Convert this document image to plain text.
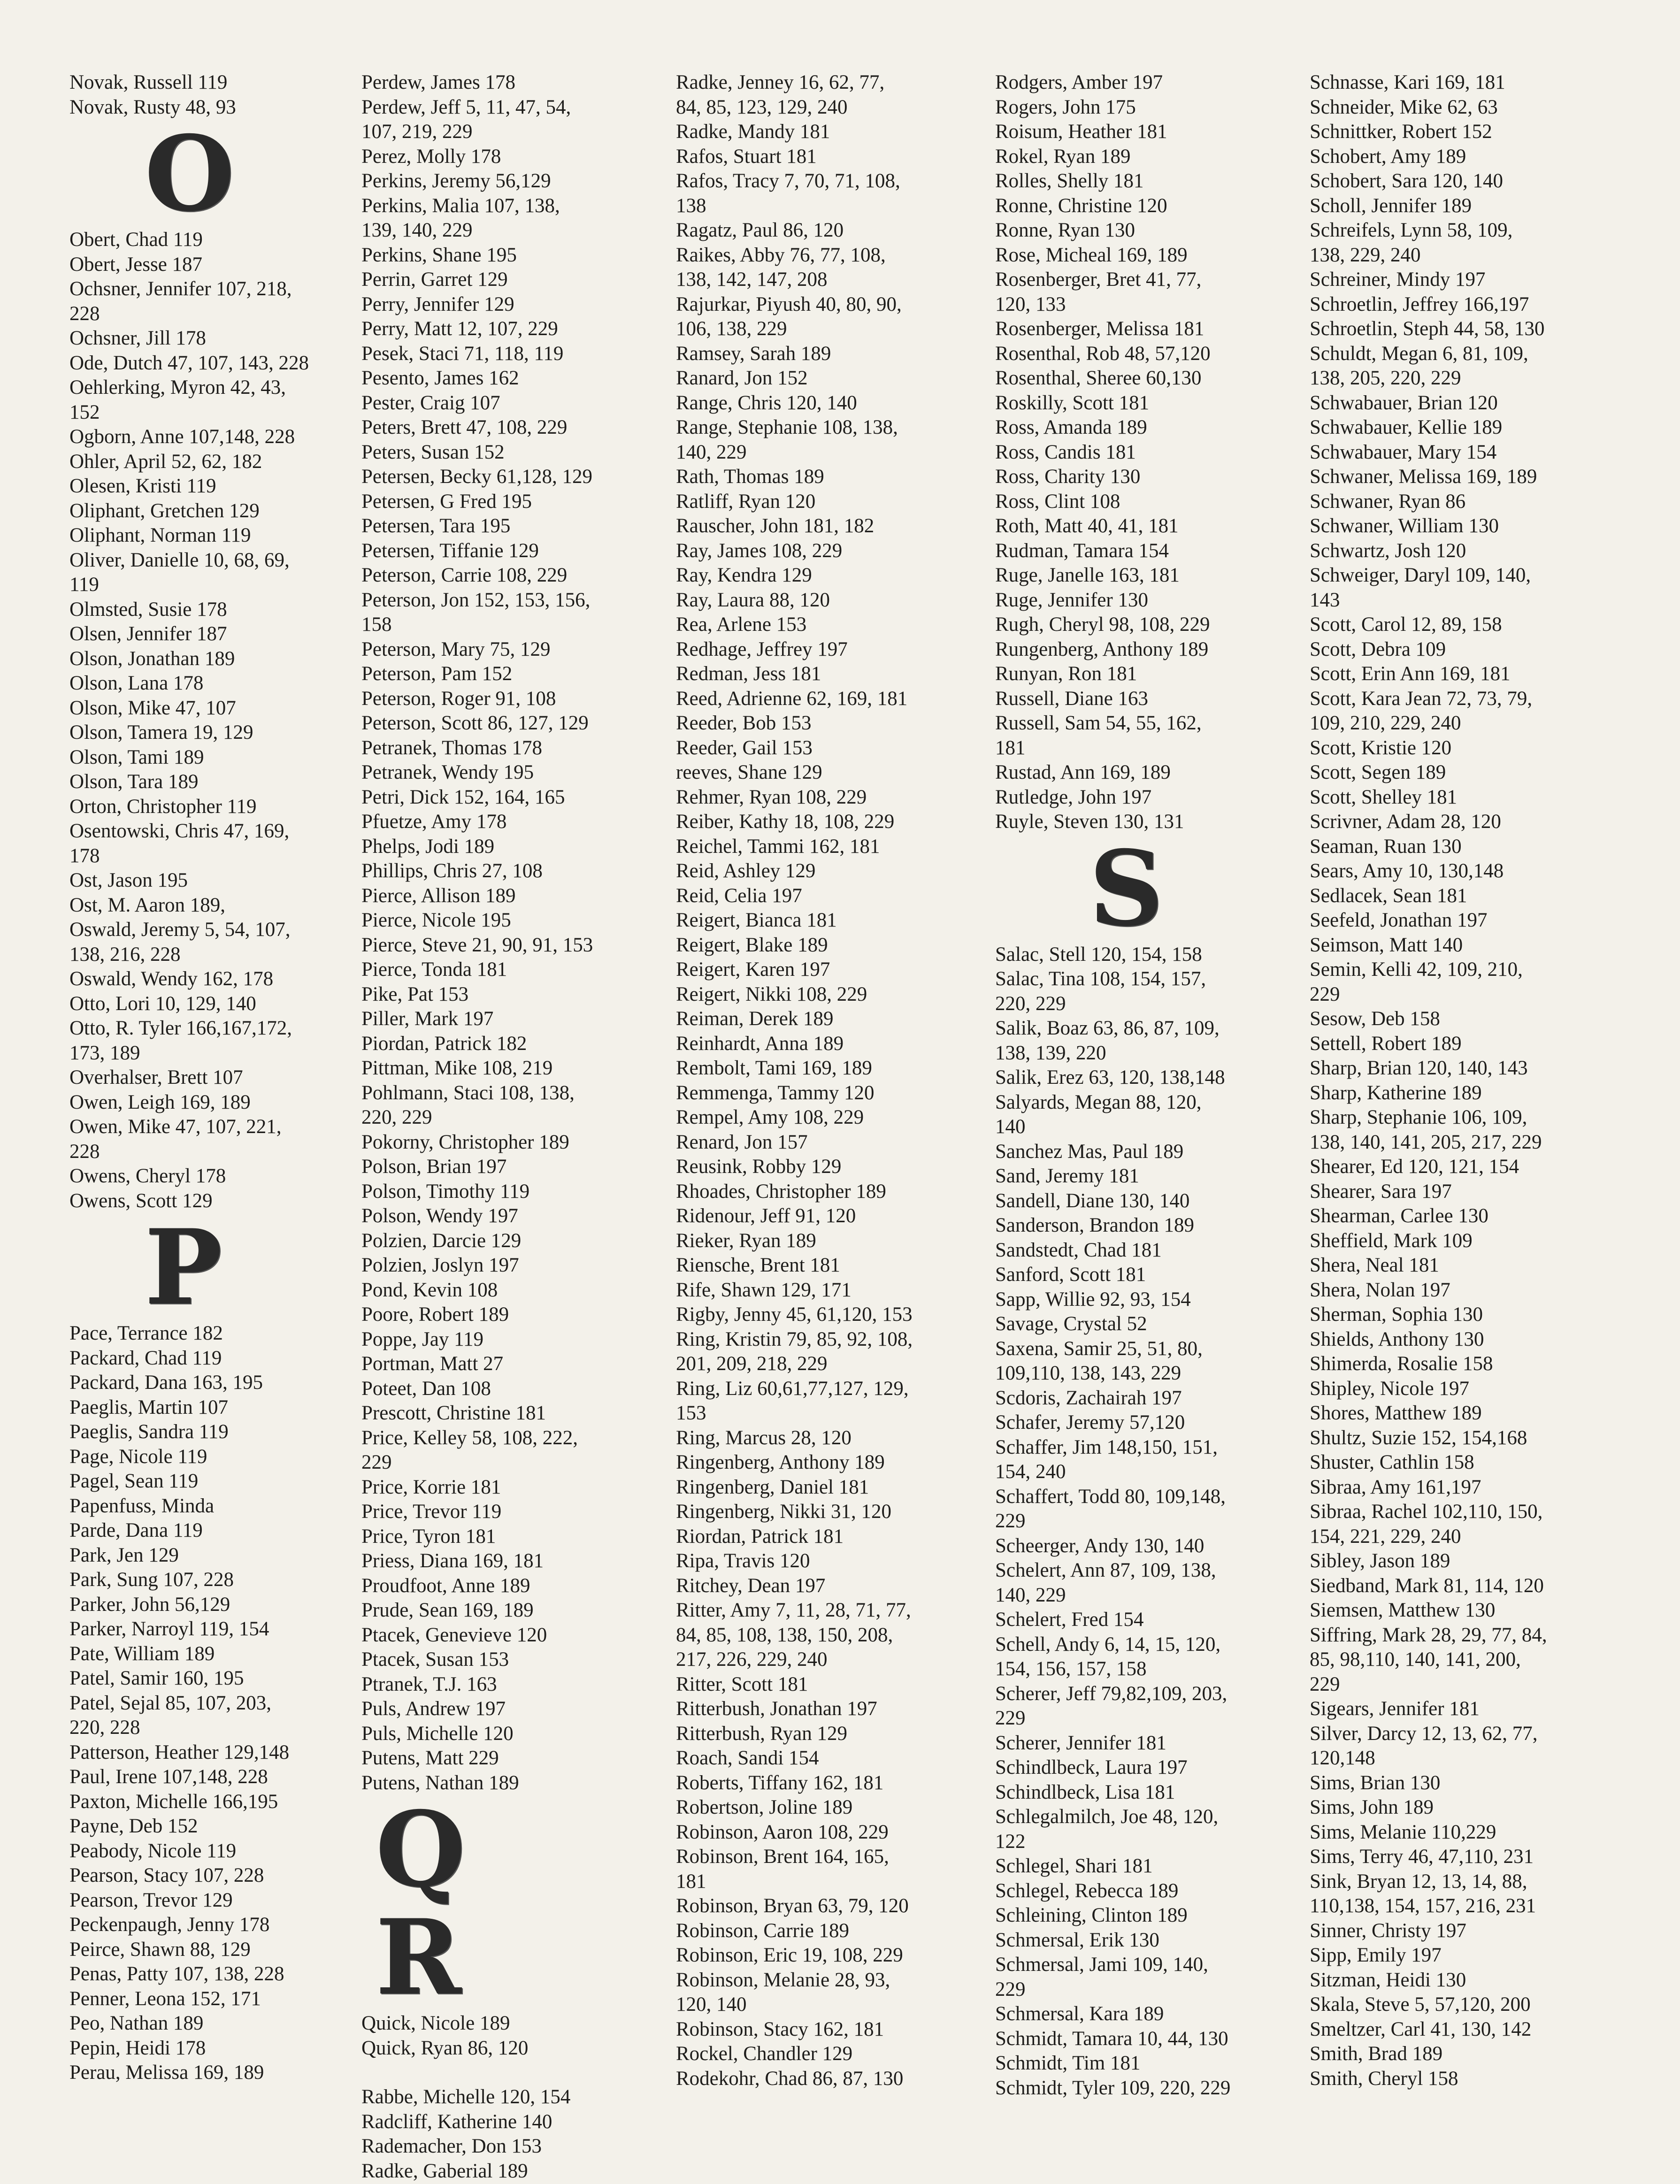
Novak, Russell 119
Novak, Rusty 48, 93
O
Obert, Chad 119
Obert, Jesse 187
Ochsner, Jennifer 107, 218,
228
Ochsner, Jill 178
Ode, Dutch 47, 107, 143, 228
Oehlerking, Myron 42, 43,
152
Ogborn, Anne 107,148, 228
Ohler, April 52, 62, 182
Olesen, Kristi 119
Oliphant, Gretchen 129
Oliphant, Norman 119
Oliver, Danielle 10, 68, 69,
119
Olmsted, Susie 178
Olsen, Jennifer 187
Olson, Jonathan 189
Olson, Lana 178
Olson, Mike 47, 107
Olson, Tamera 19, 129
Olson, Tami 189
Olson, Tara 189
Orton, Christopher 119
Osentowski, Chris 47, 169,
178
Ost, Jason 195
Ost, M. Aaron 189,
Oswald, Jeremy 5, 54, 107,
138, 216, 228
Oswald, Wendy 162, 178
Otto, Lori 10, 129, 140
Otto, R. Tyler 166,167,172,
173, 189
Overhalser, Brett 107
Owen, Leigh 169, 189
Owen, Mike 47, 107, 221,
228
Owens, Cheryl 178
Owens, Scott 129
P
Pace, Terrance 182
Packard, Chad 119
Packard, Dana 163, 195
Paeglis, Martin 107
Paeglis, Sandra 119
Page, Nicole 119
Pagel, Sean 119
Papenfuss, Minda
Parde, Dana 119
Park, Jen 129
Park, Sung 107, 228
Parker, John 56,129
Parker, Narroyl 119, 154
Pate, William 189
Patel, Samir 160, 195
Patel, Sejal 85, 107, 203,
220, 228
Patterson, Heather 129,148
Paul, Irene 107,148, 228
Paxton, Michelle 166,195
Payne, Deb 152
Peabody, Nicole 119
Pearson, Stacy 107, 228
Pearson, Trevor 129
Peckenpaugh, Jenny 178
Peirce, Shawn 88, 129
Penas, Patty 107, 138, 228
Penner, Leona 152, 171
Peo, Nathan 189
Pepin, Heidi 178
Perau, Melissa 169, 189
Perdew, James 178
Perdew, Jeff 5, 11, 47, 54,
107, 219, 229
Perez, Molly 178
Perkins, Jeremy 56,129
Perkins, Malia 107, 138,
139, 140, 229
Perkins, Shane 195
Perrin, Garret 129
Perry, Jennifer 129
Perry, Matt 12, 107, 229
Pesek, Staci 71, 118, 119
Pesento, James 162
Pester, Craig 107
Peters, Brett 47, 108, 229
Peters, Susan 152
Petersen, Becky 61,128, 129
Petersen, G Fred 195
Petersen, Tara 195
Petersen, Tiffanie 129
Peterson, Carrie 108, 229
Peterson, Jon 152, 153, 156,
158
Peterson, Mary 75, 129
Peterson, Pam 152
Peterson, Roger 91, 108
Peterson, Scott 86, 127, 129
Petranek, Thomas 178
Petranek, Wendy 195
Petri, Dick 152, 164, 165
Pfuetze, Amy 178
Phelps, Jodi 189
Phillips, Chris 27, 108
Pierce, Allison 189
Pierce, Nicole 195
Pierce, Steve 21, 90, 91, 153
Pierce, Tonda 181
Pike, Pat 153
Piller, Mark 197
Piordan, Patrick 182
Pittman, Mike 108, 219
Pohlmann, Staci 108, 138,
220, 229
Pokorny, Christopher 189
Polson, Brian 197
Polson, Timothy 119
Polson, Wendy 197
Polzien, Darcie 129
Polzien, Joslyn 197
Pond, Kevin 108
Poore, Robert 189
Poppe, Jay 119
Portman, Matt 27
Poteet, Dan 108
Prescott, Christine 181
Price, Kelley 58, 108, 222,
229
Price, Korrie 181
Price, Trevor 119
Price, Tyron 181
Priess, Diana 169, 181
Proudfoot, Anne 189
Prude, Sean 169, 189
Ptacek, Genevieve 120
Ptacek, Susan 153
Ptranek, T.J. 163
Puls, Andrew 197
Puls, Michelle 120
Putens, Matt 229
Putens, Nathan 189
Q R
Quick, Nicole 189
Quick, Ryan 86, 120
Rabbe, Michelle 120, 154
Radcliff, Katherine 140
Rademacher, Don 153
Radke, Gaberial 189
Radke, Jenney 16, 62, 77,
84, 85, 123, 129, 240
Radke, Mandy 181
Rafos, Stuart 181
Rafos, Tracy 7, 70, 71, 108,
138
Ragatz, Paul 86, 120
Raikes, Abby 76, 77, 108,
138, 142, 147, 208
Rajurkar, Piyush 40, 80, 90,
106, 138, 229
Ramsey, Sarah 189
Ranard, Jon 152
Range, Chris 120, 140
Range, Stephanie 108, 138,
140, 229
Rath, Thomas 189
Ratliff, Ryan 120
Rauscher, John 181, 182
Ray, James 108, 229
Ray, Kendra 129
Ray, Laura 88, 120
Rea, Arlene 153
Redhage, Jeffrey 197
Redman, Jess 181
Reed, Adrienne 62, 169, 181
Reeder, Bob 153
Reeder, Gail 153
reeves, Shane 129
Rehmer, Ryan 108, 229
Reiber, Kathy 18, 108, 229
Reichel, Tammi 162, 181
Reid, Ashley 129
Reid, Celia 197
Reigert, Bianca 181
Reigert, Blake 189
Reigert, Karen 197
Reigert, Nikki 108, 229
Reiman, Derek 189
Reinhardt, Anna 189
Rembolt, Tami 169, 189
Remmenga, Tammy 120
Rempel, Amy 108, 229
Renard, Jon 157
Reusink, Robby 129
Rhoades, Christopher 189
Ridenour, Jeff 91, 120
Rieker, Ryan 189
Riensche, Brent 181
Rife, Shawn 129, 171
Rigby, Jenny 45, 61,120, 153
Ring, Kristin 79, 85, 92, 108,
201, 209, 218, 229
Ring, Liz 60,61,77,127, 129,
153
Ring, Marcus 28, 120
Ringenberg, Anthony 189
Ringenberg, Daniel 181
Ringenberg, Nikki 31, 120
Riordan, Patrick 181
Ripa, Travis 120
Ritchey, Dean 197
Ritter, Amy 7, 11, 28, 71, 77,
84, 85, 108, 138, 150, 208,
217, 226, 229, 240
Ritter, Scott 181
Ritterbush, Jonathan 197
Ritterbush, Ryan 129
Roach, Sandi 154
Roberts, Tiffany 162, 181
Robertson, Joline 189
Robinson, Aaron 108, 229
Robinson, Brent 164, 165,
181
Robinson, Bryan 63, 79, 120
Robinson, Carrie 189
Robinson, Eric 19, 108, 229
Robinson, Melanie 28, 93,
120, 140
Robinson, Stacy 162, 181
Rockel, Chandler 129
Rodekohr, Chad 86, 87, 130
Rodgers, Amber 197
Rogers, John 175
Roisum, Heather 181
Rokel, Ryan 189
Rolles, Shelly 181
Ronne, Christine 120
Ronne, Ryan 130
Rose, Micheal 169, 189
Rosenberger, Bret 41, 77,
120, 133
Rosenberger, Melissa 181
Rosenthal, Rob 48, 57,120
Rosenthal, Sheree 60,130
Roskilly, Scott 181
Ross, Amanda 189
Ross, Candis 181
Ross, Charity 130
Ross, Clint 108
Roth, Matt 40, 41, 181
Rudman, Tamara 154
Ruge, Janelle 163, 181
Ruge, Jennifer 130
Rugh, Cheryl 98, 108, 229
Rungenberg, Anthony 189
Runyan, Ron 181
Russell, Diane 163
Russell, Sam 54, 55, 162,
181
Rustad, Ann 169, 189
Rutledge, John 197
Ruyle, Steven 130, 131
S
Salac, Stell 120, 154, 158
Salac, Tina 108, 154, 157,
220, 229
Salik, Boaz 63, 86, 87, 109,
138, 139, 220
Salik, Erez 63, 120, 138,148
Salyards, Megan 88, 120,
140
Sanchez Mas, Paul 189
Sand, Jeremy 181
Sandell, Diane 130, 140
Sanderson, Brandon 189
Sandstedt, Chad 181
Sanford, Scott 181
Sapp, Willie 92, 93, 154
Savage, Crystal 52
Saxena, Samir 25, 51, 80,
109,110, 138, 143, 229
Scdoris, Zachairah 197
Schafer, Jeremy 57,120
Schaffer, Jim 148,150, 151,
154, 240
Schaffert, Todd 80, 109,148,
229
Scheerger, Andy 130, 140
Schelert, Ann 87, 109, 138,
140, 229
Schelert, Fred 154
Schell, Andy 6, 14, 15, 120,
154, 156, 157, 158
Scherer, Jeff 79,82,109, 203,
229
Scherer, Jennifer 181
Schindlbeck, Laura 197
Schindlbeck, Lisa 181
Schlegalmilch, Joe 48, 120,
122
Schlegel, Shari 181
Schlegel, Rebecca 189
Schleining, Clinton 189
Schmersal, Erik 130
Schmersal, Jami 109, 140,
229
Schmersal, Kara 189
Schmidt, Tamara 10, 44, 130
Schmidt, Tim 181
Schmidt, Tyler 109, 220, 229
Schnasse, Kari 169, 181
Schneider, Mike 62, 63
Schnittker, Robert 152
Schobert, Amy 189
Schobert, Sara 120, 140
Scholl, Jennifer 189
Schreifels, Lynn 58, 109,
138, 229, 240
Schreiner, Mindy 197
Schroetlin, Jeffrey 166,197
Schroetlin, Steph 44, 58, 130
Schuldt, Megan 6, 81, 109,
138, 205, 220, 229
Schwabauer, Brian 120
Schwabauer, Kellie 189
Schwabauer, Mary 154
Schwaner, Melissa 169, 189
Schwaner, Ryan 86
Schwaner, William 130
Schwartz, Josh 120
Schweiger, Daryl 109, 140,
143
Scott, Carol 12, 89, 158
Scott, Debra 109
Scott, Erin Ann 169, 181
Scott, Kara Jean 72, 73, 79,
109, 210, 229, 240
Scott, Kristie 120
Scott, Segen 189
Scott, Shelley 181
Scrivner, Adam 28, 120
Seaman, Ruan 130
Sears, Amy 10, 130,148
Sedlacek, Sean 181
Seefeld, Jonathan 197
Seimson, Matt 140
Semin, Kelli 42, 109, 210,
229
Sesow, Deb 158
Settell, Robert 189
Sharp, Brian 120, 140, 143
Sharp, Katherine 189
Sharp, Stephanie 106, 109,
138, 140, 141, 205, 217, 229
Shearer, Ed 120, 121, 154
Shearer, Sara 197
Shearman, Carlee 130
Sheffield, Mark 109
Shera, Neal 181
Shera, Nolan 197
Sherman, Sophia 130
Shields, Anthony 130
Shimerda, Rosalie 158
Shipley, Nicole 197
Shores, Matthew 189
Shultz, Suzie 152, 154,168
Shuster, Cathlin 158
Sibraa, Amy 161,197
Sibraa, Rachel 102,110, 150,
154, 221, 229, 240
Sibley, Jason 189
Siedband, Mark 81, 114, 120
Siemsen, Matthew 130
Siffring, Mark 28, 29, 77, 84,
85, 98,110, 140, 141, 200,
229
Sigears, Jennifer 181
Silver, Darcy 12, 13, 62, 77,
120,148
Sims, Brian 130
Sims, John 189
Sims, Melanie 110,229
Sims, Terry 46, 47,110, 231
Sink, Bryan 12, 13, 14, 88,
110,138, 154, 157, 216, 231
Sinner, Christy 197
Sipp, Emily 197
Sitzman, Heidi 130
Skala, Steve 5, 57,120, 200
Smeltzer, Carl 41, 130, 142
Smith, Brad 189
Smith, Cheryl 158
